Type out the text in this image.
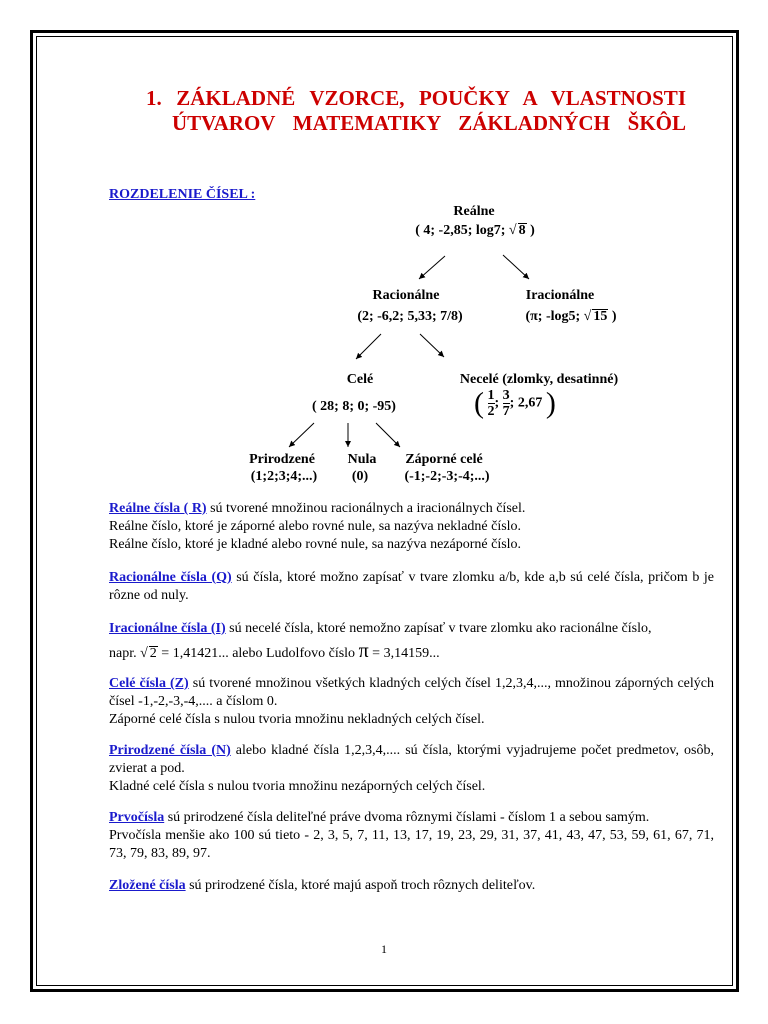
1. ZÁKLADNÉ VZORCE, POUČKY A VLASTNOSTI
ÚTVAROV MATEMATIKY ZÁKLADNÝCH ŠKÔL
ROZDELENIE ČÍSEL :
Reálne
( 4; -2,85; log7; √ 8 )
Racionálne
(2; -6,2; 5,33; 7/8)
Iracionálne
(π; -log5; √ 15 )
Celé
( 28; 8; 0; -95)
Necelé (zlomky, desatinné)
( $\frac{1}{2}$ ; $\frac{3}{7}$ ; 2,67 )
Prirodzené
(1;2;3;4;...)
Nula
(0)
Záporné celé
(-1;-2;-3;-4;...)
Reálne čísla ( R) sú tvorené množinou racionálnych a iracionálnych čísel.
Reálne číslo, ktoré je záporné alebo rovné nule, sa nazýva nekladné číslo.
Reálne číslo, ktoré je kladné alebo rovné nule, sa nazýva nezáporné číslo.
Racionálne čísla (Q) sú čísla, ktoré možno zapísať v tvare zlomku a/b, kde a,b sú celé čísla, pričom b je rôzne od nuly.
Iracionálne čísla (I) sú necelé čísla, ktoré nemožno zapísať v tvare zlomku ako racionálne číslo,
napr. √ 2 = 1,41421... alebo Ludolfovo číslo π = 3,14159...
Celé čísla (Z) sú tvorené množinou všetkých kladných celých čísel 1,2,3,4,..., množinou záporných celých čísel -1,-2,-3,-4,.... a číslom 0.
Záporné celé čísla s nulou tvoria množinu nekladných celých čísel.
Prirodzené čísla (N) alebo kladné čísla 1,2,3,4,.... sú čísla, ktorými vyjadrujeme počet predmetov, osôb, zvierat a pod.
Kladné celé čísla s nulou tvoria množinu nezáporných celých čísel.
Prvočísla sú prirodzené čísla deliteľné práve dvoma rôznymi číslami - číslom 1 a sebou samým.
Prvočísla menšie ako 100 sú tieto - 2, 3, 5, 7, 11, 13, 17, 19, 23, 29, 31, 37, 41, 43, 47, 53, 59, 61, 67, 71, 73, 79, 83, 89, 97.
Zložené čísla sú prirodzené čísla, ktoré majú aspoň troch rôznych deliteľov.
1
